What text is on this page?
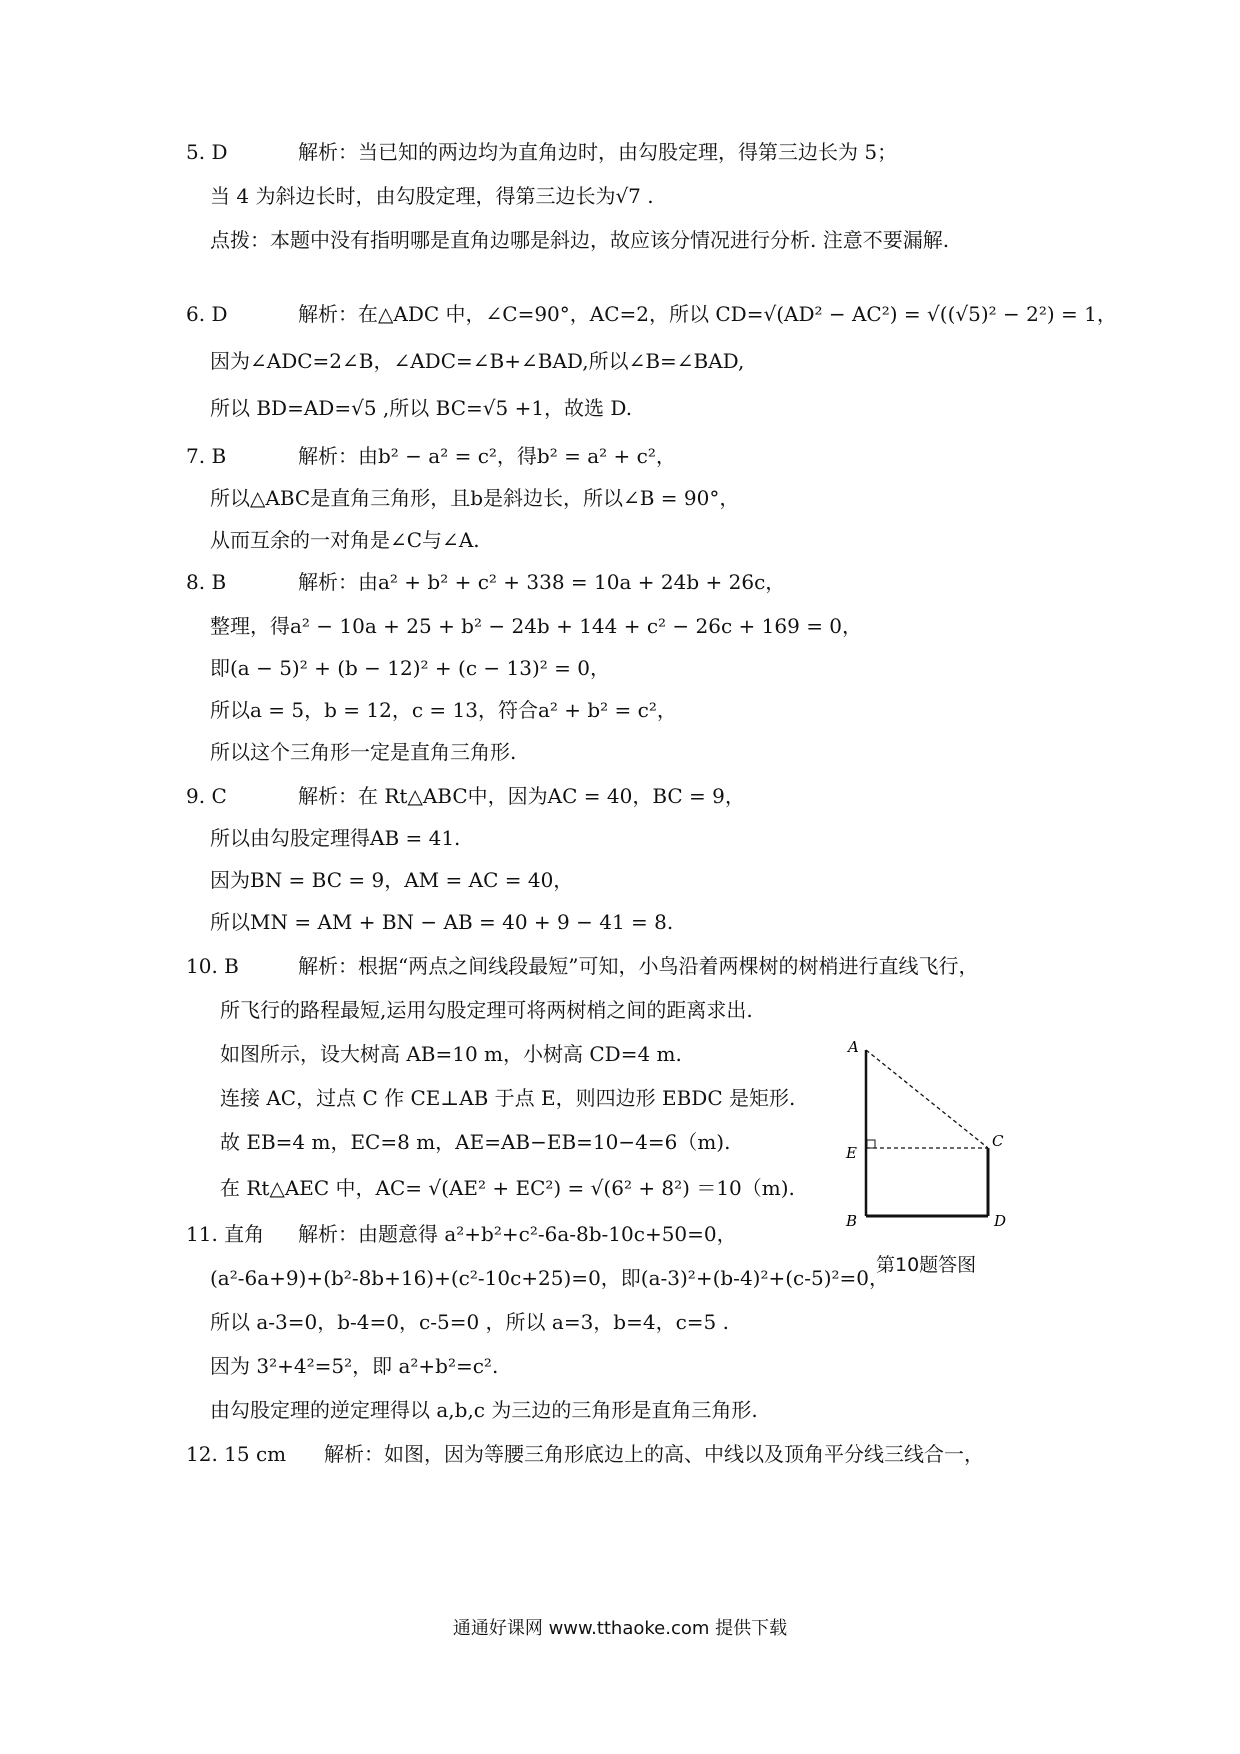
5. D	解析：当已知的两边均为直角边时，由勾股定理，得第三边长为 5；
当 4 为斜边长时，由勾股定理，得第三边长为√7 .
点拨：本题中没有指明哪是直角边哪是斜边，故应该分情况进行分析. 注意不要漏解.
6. D	解析：在△ADC 中，∠C=90°，AC=2，所以 CD=√(AD² − AC²) = √((√5)² − 2²) = 1，
因为∠ADC=2∠B，∠ADC=∠B+∠BAD,所以∠B=∠BAD,
所以 BD=AD=√5 ,所以 BC=√5 +1，故选 D.
7. B	解析：由b² − a² = c²，得b² = a² + c²，
所以△ABC是直角三角形，且b是斜边长，所以∠B = 90°，
从而互余的一对角是∠C与∠A.
8. B	解析：由a² + b² + c² + 338 = 10a + 24b + 26c，
整理，得a² − 10a + 25 + b² − 24b + 144 + c² − 26c + 169 = 0，
即(a − 5)² + (b − 12)² + (c − 13)² = 0，
所以a = 5，b = 12，c = 13，符合a² + b² = c²，
所以这个三角形一定是直角三角形.
9. C	解析：在 Rt△ABC中，因为AC = 40，BC = 9，
所以由勾股定理得AB = 41.
因为BN = BC = 9，AM = AC = 40，
所以MN = AM + BN − AB = 40 + 9 − 41 = 8.
10. B	解析：根据“两点之间线段最短”可知，小鸟沿着两棵树的树梢进行直线飞行，
所飞行的路程最短,运用勾股定理可将两树梢之间的距离求出.
如图所示，设大树高 AB=10 m，小树高 CD=4 m.
连接 AC，过点 C 作 CE⊥AB 于点 E，则四边形 EBDC 是矩形.
故 EB=4 m，EC=8 m，AE=AB−EB=10−4=6（m).
在 Rt△AEC 中，AC= √(AE² + EC²) = √(6² + 8²) ＝10（m).
11. 直角 解析：由题意得 a²+b²+c²-6a-8b-10c+50=0，
(a²-6a+9)+(b²-8b+16)+(c²-10c+25)=0，即(a-3)²+(b-4)²+(c-5)²=0，
所以 a-3=0，b-4=0，c-5=0 ，所以 a=3，b=4，c=5 .
因为 3²+4²=5²，即 a²+b²=c².
由勾股定理的逆定理得以 a,b,c 为三边的三角形是直角三角形.
12. 15 cm 解析：如图，因为等腰三角形底边上的高、中线以及顶角平分线三线合一，
A
E
B
C
D
第10题答图
通通好课网 www.tthaoke.com 提供下载
